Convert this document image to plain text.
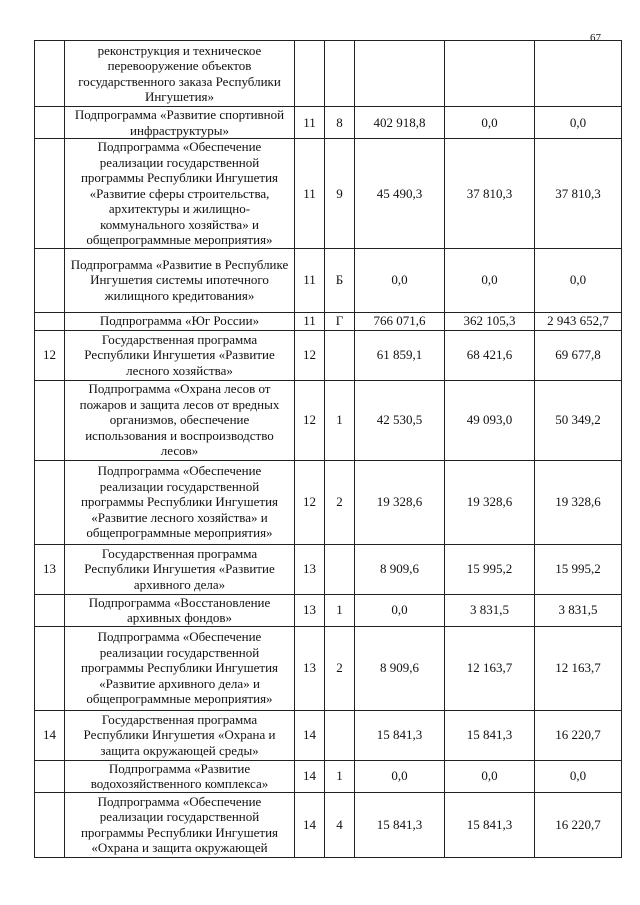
67
	реконструкция и техническое перевооружение объектов государственного заказа Республики Ингушетия»					
	Подпрограмма «Развитие спортивной инфраструктуры»	11	8	402 918,8	0,0	0,0
	Подпрограмма «Обеспечение реализации государственной программы Республики Ингушетия «Развитие сферы строительства, архитектуры и жилищно-коммунального хозяйства» и общепрограммные мероприятия»	11	9	45 490,3	37 810,3	37 810,3
	Подпрограмма «Развитие в Республике Ингушетия системы ипотечного жилищного кредитования»	11	Б	0,0	0,0	0,0
	Подпрограмма «Юг России»	11	Г	766 071,6	362 105,3	2 943 652,7
12	Государственная программа Республики Ингушетия «Развитие лесного хозяйства»	12		61 859,1	68 421,6	69 677,8
	Подпрограмма «Охрана лесов от пожаров и защита лесов от вредных организмов, обеспечение использования и воспроизводство лесов»	12	1	42 530,5	49 093,0	50 349,2
	Подпрограмма «Обеспечение реализации государственной программы Республики Ингушетия «Развитие лесного хозяйства» и общепрограммные мероприятия»	12	2	19 328,6	19 328,6	19 328,6
13	Государственная программа Республики Ингушетия «Развитие архивного дела»	13		8 909,6	15 995,2	15 995,2
	Подпрограмма «Восстановление архивных фондов»	13	1	0,0	3 831,5	3 831,5
	Подпрограмма «Обеспечение реализации государственной программы Республики Ингушетия «Развитие архивного дела» и общепрограммные мероприятия»	13	2	8 909,6	12 163,7	12 163,7
14	Государственная программа Республики Ингушетия «Охрана и защита окружающей среды»	14		15 841,3	15 841,3	16 220,7
	Подпрограмма «Развитие водохозяйственного комплекса»	14	1	0,0	0,0	0,0
	Подпрограмма «Обеспечение реализации государственной программы Республики Ингушетия «Охрана и защита окружающей	14	4	15 841,3	15 841,3	16 220,7
